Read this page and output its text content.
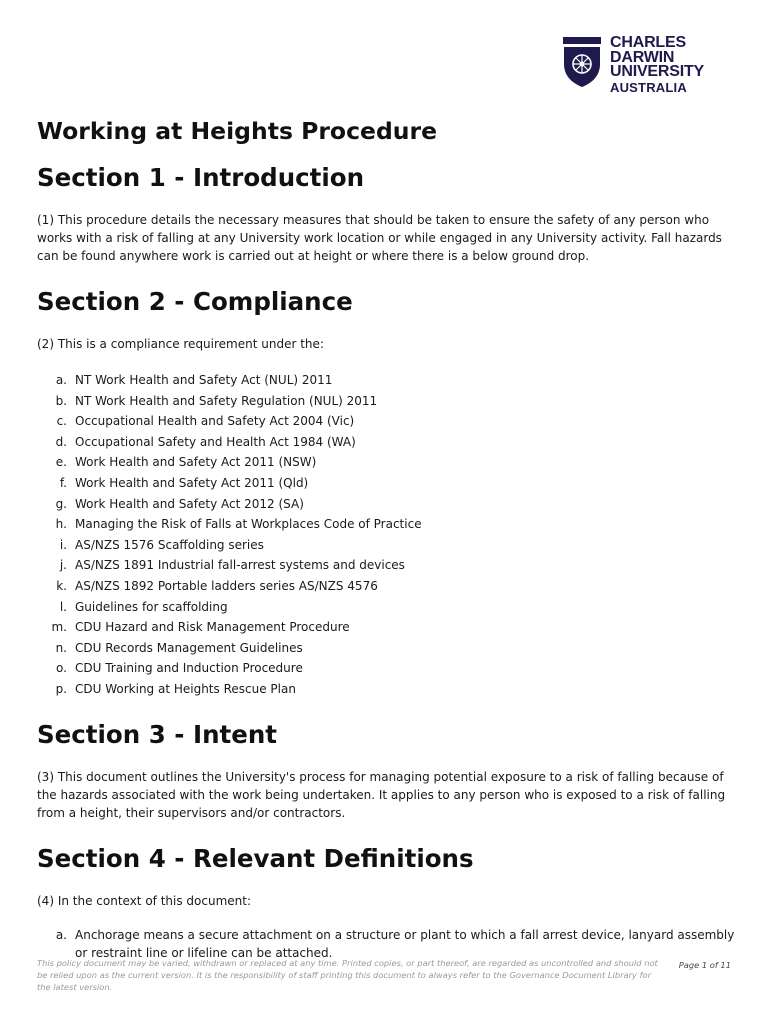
CHARLES
DARWIN
UNIVERSITY
AUSTRALIA
Working at Heights Procedure
Section 1 - Introduction

(1) This procedure details the necessary measures that should be taken to ensure the safety of any person who works with a risk of falling at any University work location or while engaged in any University activity. Fall hazards can be found anywhere work is carried out at height or where there is a below ground drop.

Section 2 - Compliance

(2) This is a compliance requirement under the:

a. NT Work Health and Safety Act (NUL) 2011
b. NT Work Health and Safety Regulation (NUL) 2011
c. Occupational Health and Safety Act 2004 (Vic)
d. Occupational Safety and Health Act 1984 (WA)
e. Work Health and Safety Act 2011 (NSW)
f. Work Health and Safety Act 2011 (Qld)
g. Work Health and Safety Act 2012 (SA)
h. Managing the Risk of Falls at Workplaces Code of Practice
i. AS/NZS 1576 Scaffolding series
j. AS/NZS 1891 Industrial fall-arrest systems and devices
k. AS/NZS 1892 Portable ladders series AS/NZS 4576
l. Guidelines for scaffolding
m. CDU Hazard and Risk Management Procedure
n. CDU Records Management Guidelines
o. CDU Training and Induction Procedure
p. CDU Working at Heights Rescue Plan
Section 3 - Intent

(3) This document outlines the University's process for managing potential exposure to a risk of falling because of the hazards associated with the work being undertaken. It applies to any person who is exposed to a risk of falling from a height, their supervisors and/or contractors.

Section 4 - Relevant Definitions

(4) In the context of this document:

a. Anchorage means a secure attachment on a structure or plant to which a fall arrest device, lanyard assembly or restraint line or lifeline can be attached.
This policy document may be varied, withdrawn or replaced at any time. Printed copies, or part thereof, are regarded as uncontrolled and should not be relied upon as the current version. It is the responsibility of staff printing this document to always refer to the Governance Document Library for the latest version.
Page 1 of 11
